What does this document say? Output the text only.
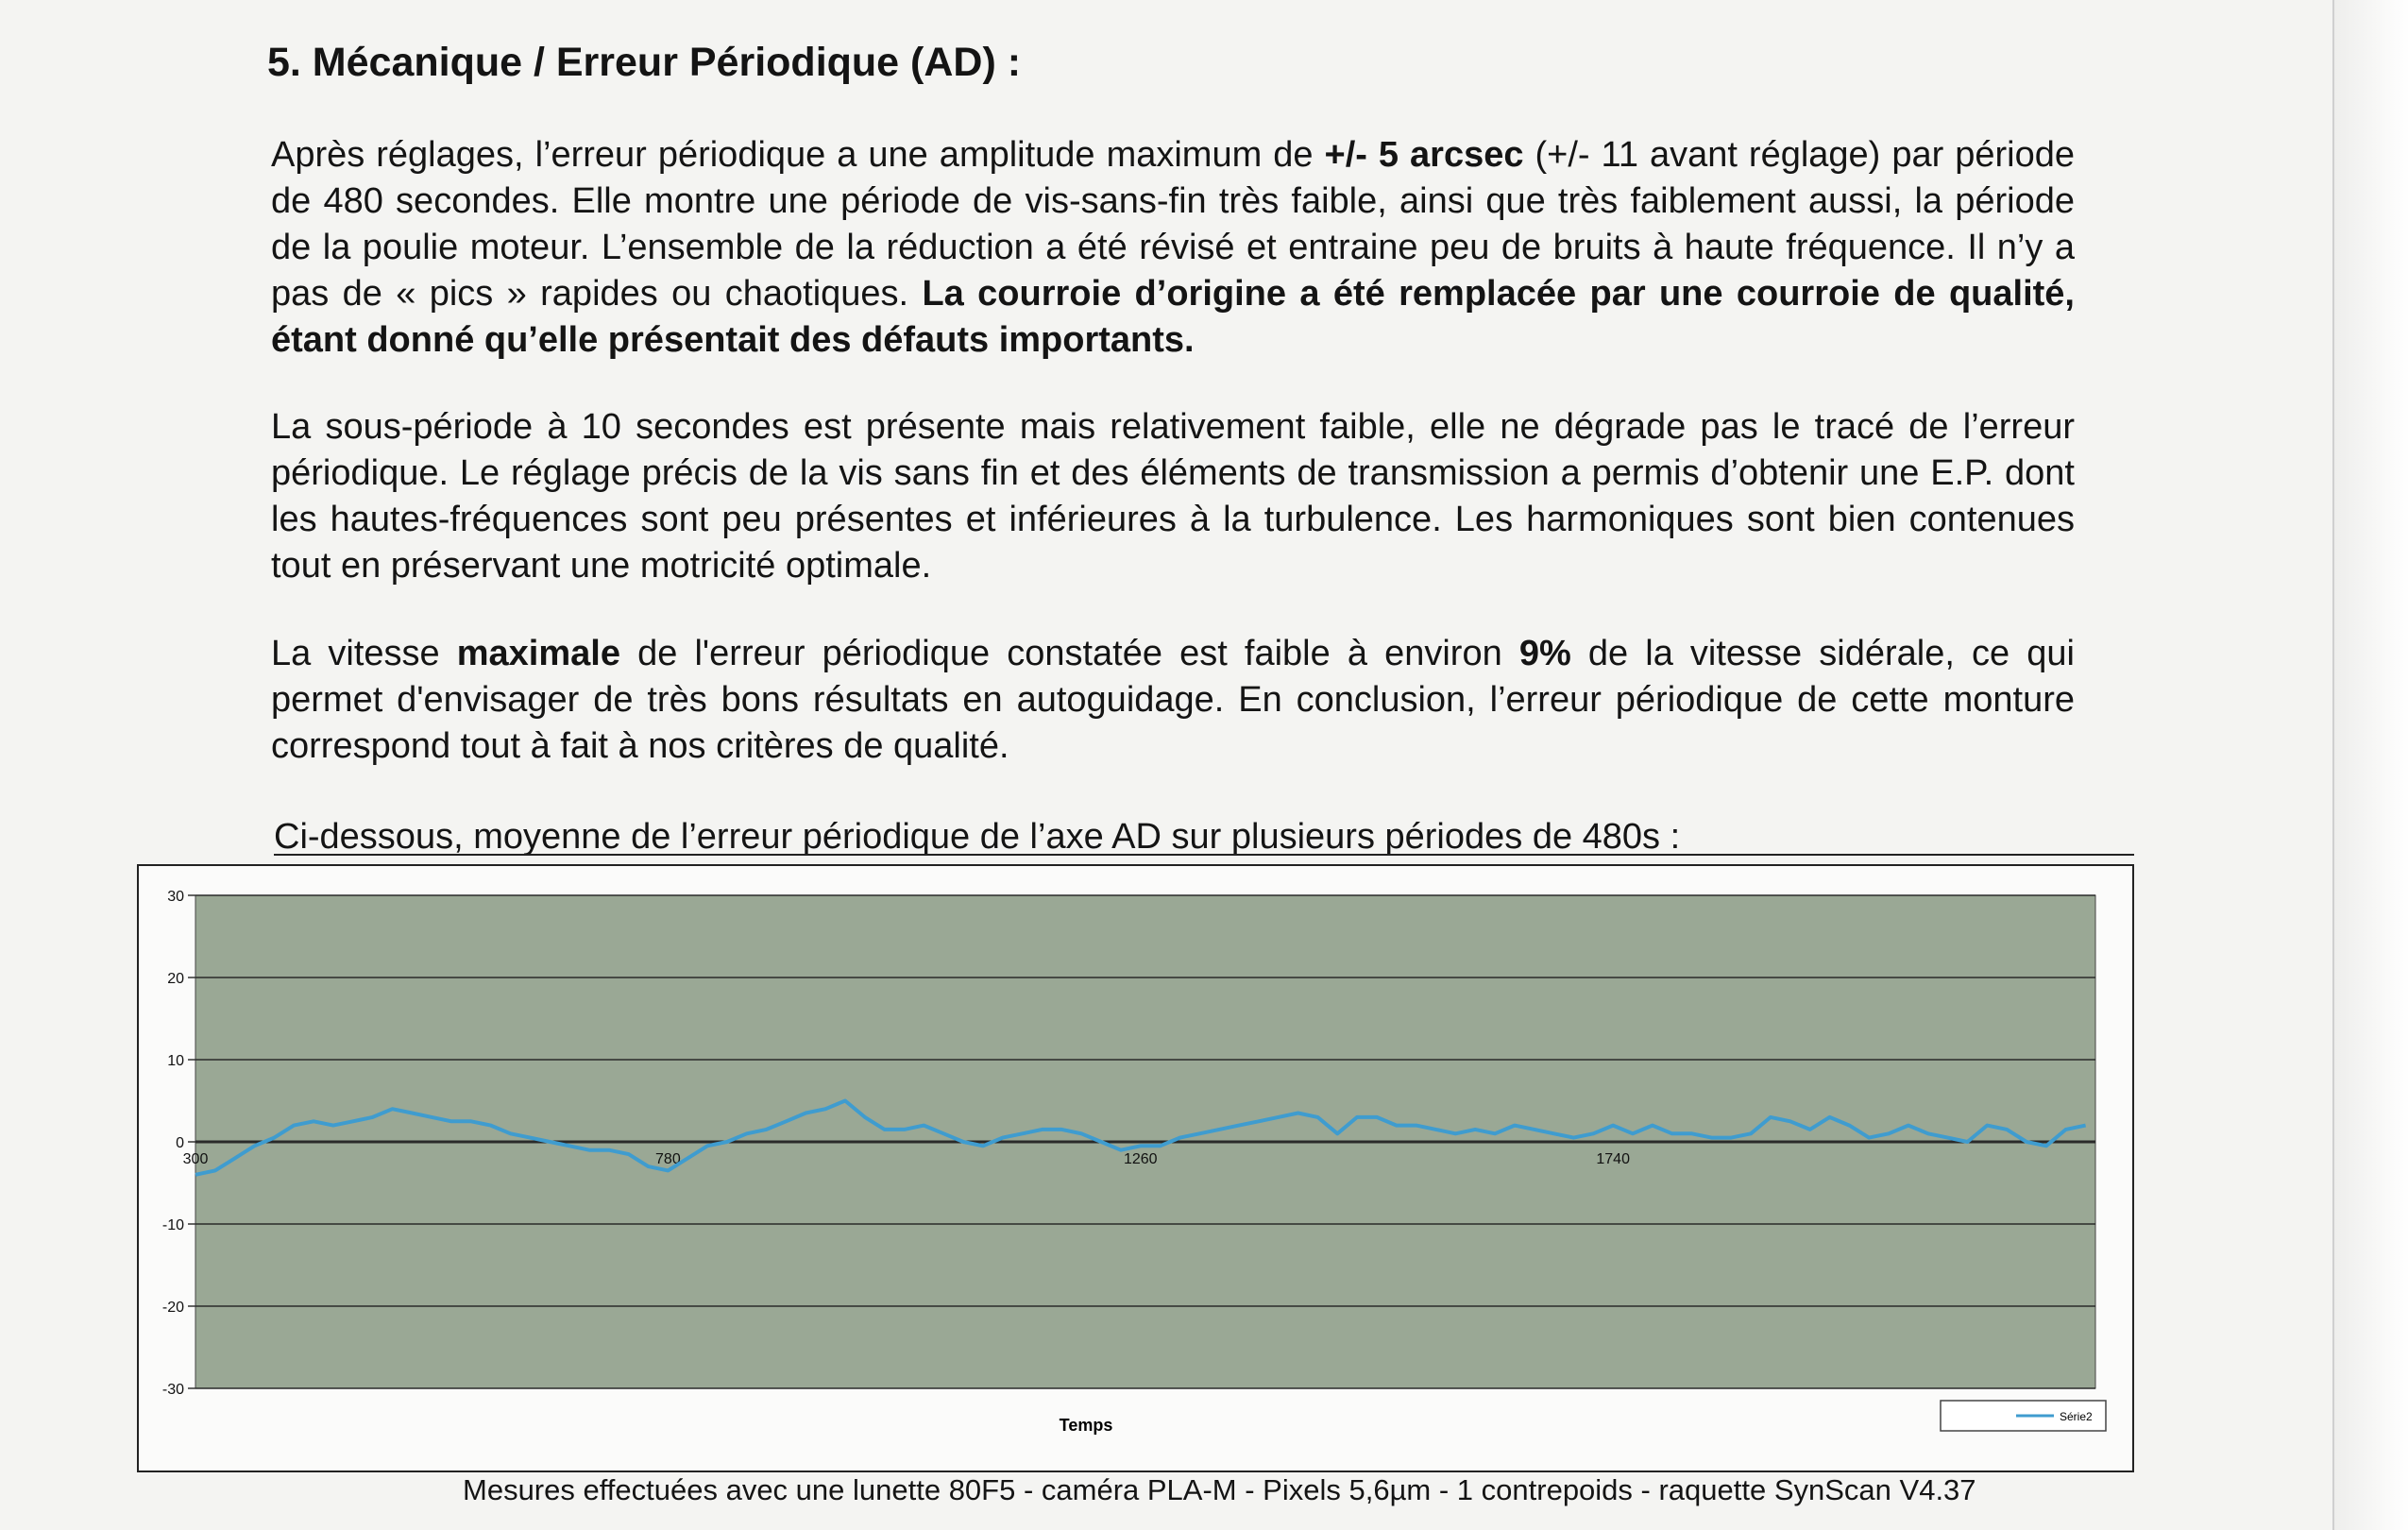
5. Mécanique / Erreur Périodique (AD) :

Après réglages, l’erreur périodique a une amplitude maximum de +/- 5 arcsec (+/- 11 avant réglage) par période de 480 secondes. Elle montre une période de vis-sans-fin très faible, ainsi que très faiblement aussi, la période de la poulie moteur. L’ensemble de la réduction a été révisé et entraine peu de bruits à haute fréquence. Il n’y a pas de « pics » rapides ou chaotiques. La courroie d’origine a été remplacée par une courroie de qualité, étant donné qu’elle présentait des défauts importants.

La sous-période à 10 secondes est présente mais relativement faible, elle ne dégrade pas le tracé de l’erreur périodique. Le réglage précis de la vis sans fin et des éléments de transmission a permis d’obtenir une E.P. dont les hautes-fréquences sont peu présentes et inférieures à la turbulence. Les harmoniques sont bien contenues tout en préservant une motricité optimale.

La vitesse maximale de l'erreur périodique constatée est faible à environ 9% de la vitesse sidérale, ce qui permet d'envisager de très bons résultats en autoguidage. En conclusion, l’erreur périodique de cette monture correspond tout à fait à nos critères de qualité.

Ci-dessous, moyenne de l’erreur périodique de l’axe AD sur plusieurs périodes de 480s :

30
20
10
0
-10
-20
-30
300	780	1260	1740
Temps	Série2

Mesures effectuées avec une lunette 80F5 - caméra PLA-M - Pixels 5,6µm - 1 contrepoids - raquette SynScan V4.37
